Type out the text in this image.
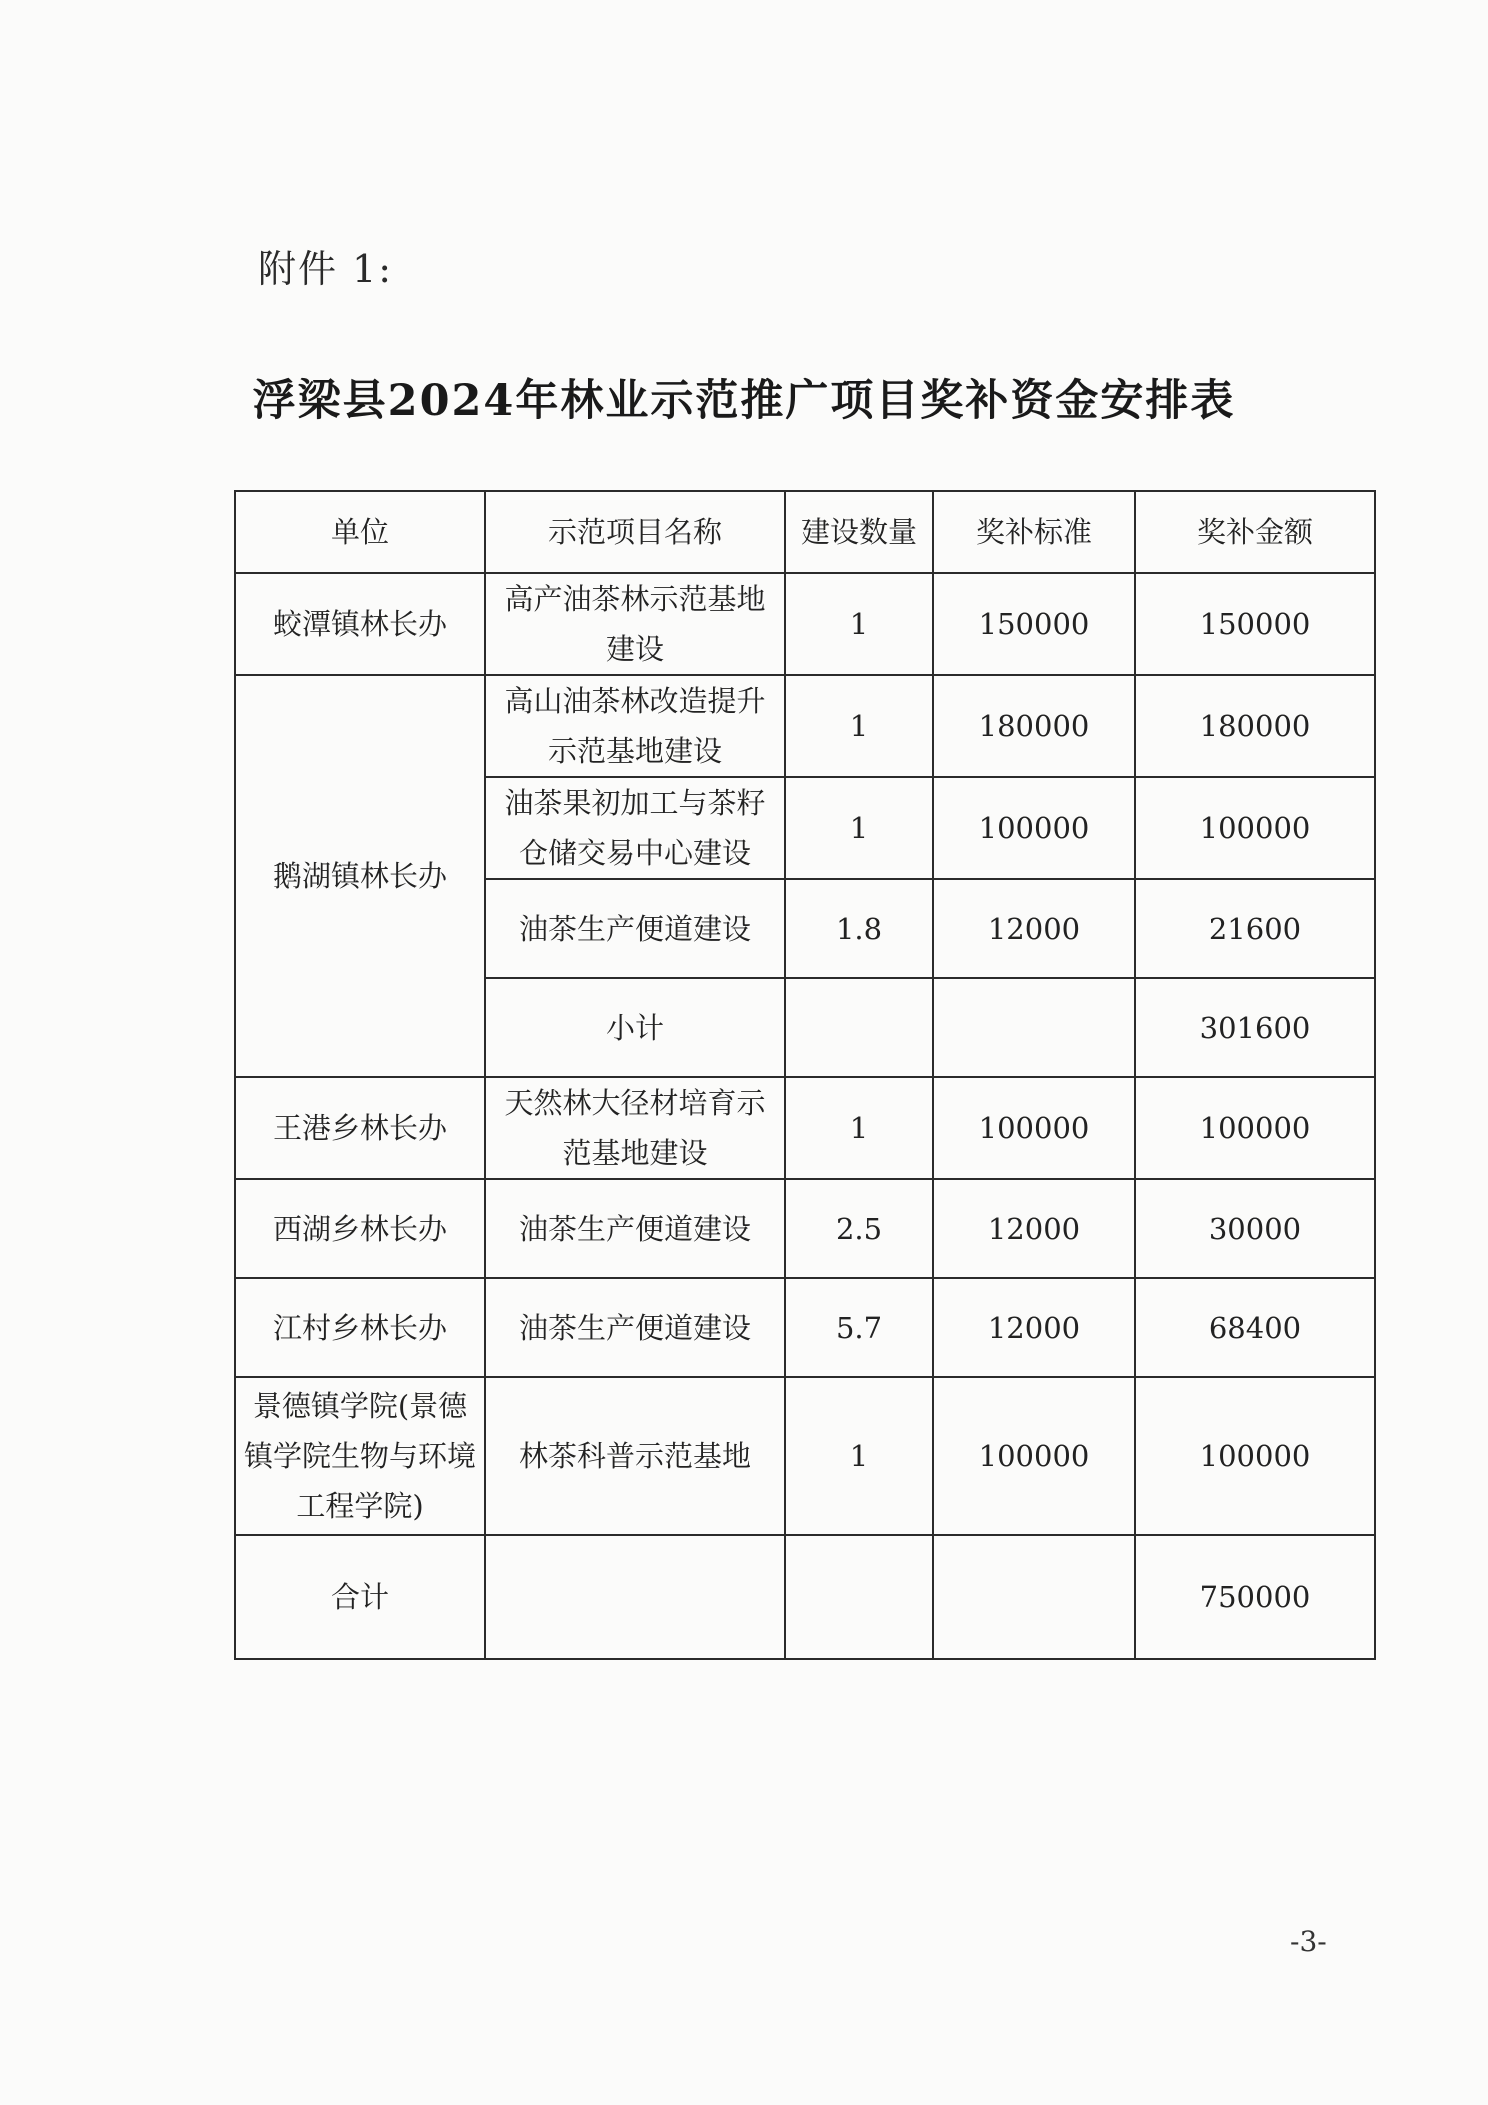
附件 1:
浮梁县2024年林业示范推广项目奖补资金安排表
单位	示范项目名称	建设数量	奖补标准	奖补金额
蛟潭镇林长办	高产油茶林示范基地建设	1	150000	150000
鹅湖镇林长办	高山油茶林改造提升示范基地建设	1	180000	180000
	油茶果初加工与茶籽仓储交易中心建设	1	100000	100000
	油茶生产便道建设	1.8	12000	21600
	小计			301600
王港乡林长办	天然林大径材培育示范基地建设	1	100000	100000
西湖乡林长办	油茶生产便道建设	2.5	12000	30000
江村乡林长办	油茶生产便道建设	5.7	12000	68400
景德镇学院(景德镇学院生物与环境工程学院)	林茶科普示范基地	1	100000	100000
合计				750000
-3-
